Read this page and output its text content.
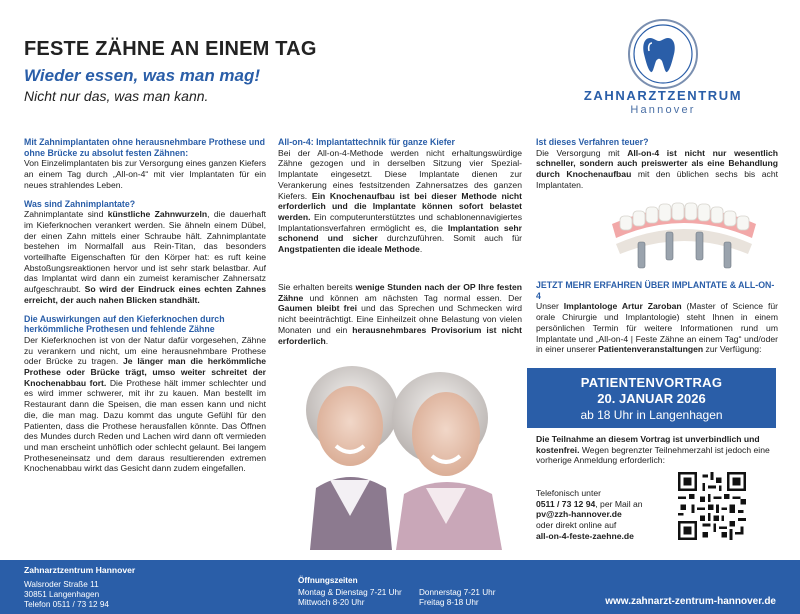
FESTE ZÄHNE AN EINEM TAG
Wieder essen, was man mag!
Nicht nur das, was man kann.	ZAHNARZTZENTRUM
Hannover
Mit Zahnimplantaten ohne herausnehmbare Prothese und ohne Brücke zu absolut festen Zähnen:

Von Einzelimplantaten bis zur Versorgung eines ganzen Kiefers an einem Tag durch „All-on-4“ mit vier Implantaten für ein neues strahlendes Leben.

Was sind Zahnimplantate?

Zahnimplantate sind künstliche Zahnwurzeln, die dauerhaft im Kieferknochen verankert werden. Sie ähneln einem Dübel, der einen Zahn mittels einer Schraube hält. Zahnimplantate bestehen im Normalfall aus Rein-Titan, das besonders vorteilhafte Eigenschaften für den Körper hat: es ruft keine Abstoßungsreaktionen hervor und ist sehr stark belastbar. Auf das Implantat wird dann ein zumeist keramischer Zahnersatz aufgeschraubt. So wird der Eindruck eines echten Zahnes erreicht, der auch nahen Blicken standhält.

Die Auswirkungen auf den Kieferknochen durch herkömmliche Prothesen und fehlende Zähne

Der Kieferknochen ist von der Natur dafür vorgesehen, Zähne zu verankern und nicht, um eine herausnehmbare Prothese oder Brücke zu tragen. Je länger man die herkömmliche Prothese oder Brücke trägt, umso weiter schreitet der Knochenabbau fort. Die Prothese hält immer schlechter und es wird immer schwerer, mit ihr zu kauen. Man bestellt im Restaurant dann die Speisen, die man essen kann und nicht die, die man mag. Dazu kommt das ungute Gefühl für den Patienten, dass die Prothese herausfallen könnte. Das Öffnen des Mundes durch Reden und Lachen wird dann oft vermieden und man erscheint unhöflich oder schlecht gelaunt. Bei langem Protheseneinsatz und dem daraus resultierenden extremen Knochenabbau wirkt das Gesicht dann zudem eingefallen.

All-on-4: Implantattechnik für ganze Kiefer

Bei der All-on-4-Methode werden nicht erhaltungswürdige Zähne gezogen und in derselben Sitzung vier Spezial-Implantate eingesetzt. Diese Implantate dienen zur Verankerung eines festsitzenden Zahnersatzes des ganzen Kiefers. Ein Knochenaufbau ist bei dieser Methode nicht erforderlich und die Implantate können sofort belastet werden. Ein computerunterstütztes und schablonennavigiertes Implantationsverfahren ermöglicht es, die Implantation sehr schonend und sicher durchzuführen. Somit auch für Angstpatienten die ideale Methode.

Sie erhalten bereits wenige Stunden nach der OP Ihre festen Zähne und können am nächsten Tag normal essen. Der Gaumen bleibt frei und das Sprechen und Schmecken wird nicht beeinträchtigt. Eine Einheilzeit ohne Belastung von vielen Monaten und ein herausnehmbares Provisorium ist nicht erforderlich.

Ist dieses Verfahren teuer?

Die Versorgung mit All-on-4 ist nicht nur wesentlich schneller, sondern auch preiswerter als eine Behandlung durch Knochenaufbau mit den üblichen sechs bis acht Implantaten.

JETZT MEHR ERFAHREN ÜBER IMPLANTATE & ALL-ON-4

Unser Implantologe Artur Zaroban (Master of Science für orale Chirurgie und Implantologie) steht Ihnen in einem persönlichen Termin für weitere Informationen rund um Implantate und „All-on-4 | Feste Zähne an einem Tag“ und/oder in einer unserer Patientenveranstaltungen zur Verfügung:

PATIENTENVORTRAG
20. JANUAR 2026
ab 18 Uhr in Langenhagen

Die Teilnahme an diesem Vortrag ist unverbindlich und kostenfrei. Wegen begrenzter Teilnehmerzahl ist jedoch eine vorherige Anmeldung erforderlich:

Telefonisch unter
0511 / 73 12 94, per Mail an
pv@zzh-hannover.de
oder direkt online auf
all-on-4-feste-zaehne.de
Zahnarztzentrum Hannover
Walsroder Straße 11
30851 Langenhagen
Telefon 0511 / 73 12 94
Öffnungszeiten
Montag & Dienstag 7-21 Uhr
Mittwoch 8-20 Uhr
Donnerstag 7-21 Uhr
Freitag 8-18 Uhr	www.zahnarzt-zentrum-hannover.de
